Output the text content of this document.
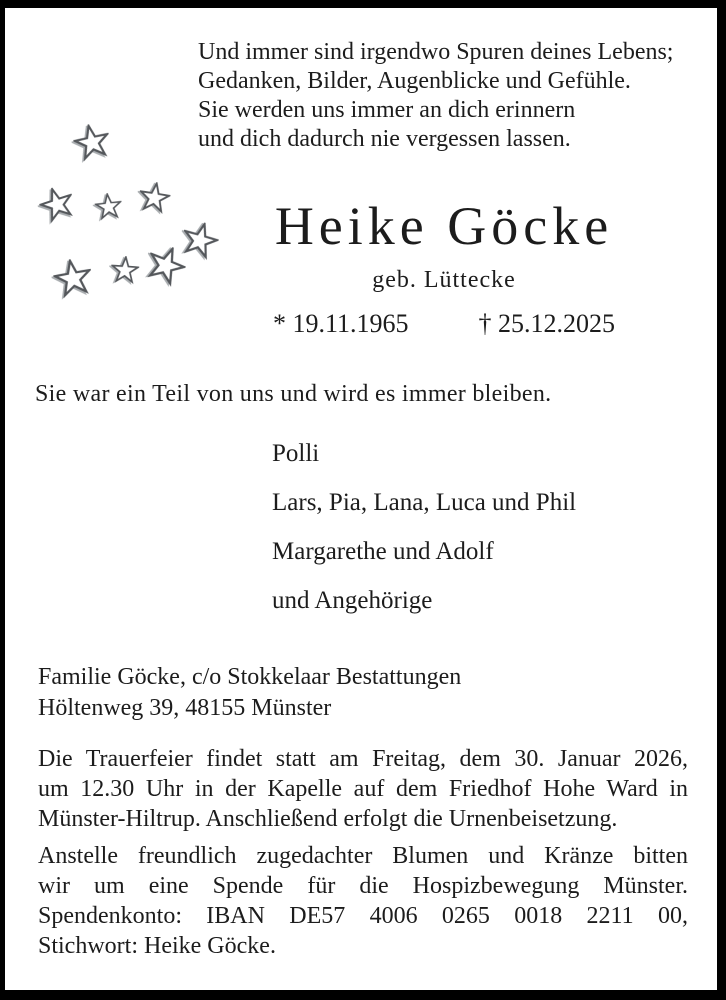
Und immer sind irgendwo Spuren deines Lebens;
Gedanken, Bilder, Augenblicke und Gefühle.
Sie werden uns immer an dich erinnern
und dich dadurch nie vergessen lassen.
Heike Göcke
geb. Lüttecke
* 19.11.1965	† 25.12.2025
Sie war ein Teil von uns und wird es immer bleiben.
Polli
Lars, Pia, Lana, Luca und Phil
Margarethe und Adolf
und Angehörige
Familie Göcke, c/o Stokkelaar Bestattungen
Höltenweg 39, 48155 Münster
Die Trauerfeier findet statt am Freitag, dem 30. Januar 2026,
um 12.30 Uhr in der Kapelle auf dem Friedhof Hohe Ward in
Münster-Hiltrup. Anschließend erfolgt die Urnenbeisetzung.
Anstelle freundlich zugedachter Blumen und Kränze bitten
wir um eine Spende für die Hospizbewegung Münster.
Spendenkonto: IBAN DE57 4006 0265 0018 2211 00,
Stichwort: Heike Göcke.
